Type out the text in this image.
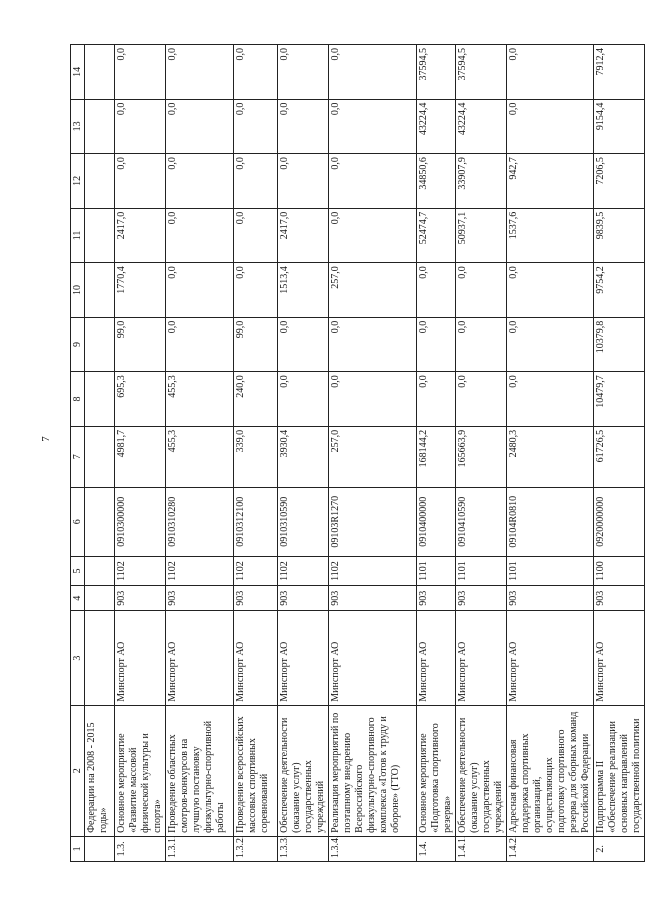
7
1	2	3	4	5	6	7	8	9	10	11	12	13	14
	Федерации на 2008 - 2015 годы»												
1.3.	Основное мероприятие «Развитие массовой физической культуры и спорта»	Минспорт АО	903	1102	0910300000	4981,7	695,3	99,0	1770,4	2417,0	0,0	0,0	0,0
1.3.1.	Проведение областных смотров-конкурсов на лучшую постановку физкультурно-спортивной работы	Минспорт АО	903	1102	0910310280	455,3	455,3	0,0	0,0	0,0	0,0	0,0	0,0
1.3.2.	Проведение всероссийских массовых спортивных соревнований	Минспорт АО	903	1102	0910312100	339,0	240,0	99,0	0,0	0,0	0,0	0,0	0,0
1.3.3.	Обеспечение деятельности (оказание услуг) государственных учреждений	Минспорт АО	903	1102	0910310590	3930,4	0,0	0,0	1513,4	2417,0	0,0	0,0	0,0
1.3.4.	Реализация мероприятий по поэтапному внедрению Всероссийского физкультурно-спортивного комплекса «Готов к труду и обороне» (ГТО)	Минспорт АО	903	1102	09103R1270	257,0	0,0	0,0	257,0	0,0	0,0	0,0	0,0
1.4.	Основное мероприятие «Подготовка спортивного резерва»	Минспорт АО	903	1101	0910400000	168144,2	0,0	0,0	0,0	52474,7	34850,6	43224,4	37594,5
1.4.1.	Обеспечение деятельности (оказание услуг) государственных учреждений	Минспорт АО	903	1101	0910410590	165663,9	0,0	0,0	0,0	50937,1	33907,9	43224,4	37594,5
1.4.2.	Адресная финансовая поддержка спортивных организаций, осуществляющих подготовку спортивного резерва для сборных команд Российской Федерации	Минспорт АО	903	1101	09104R0810	2480,3	0,0	0,0	0,0	1537,6	942,7	0,0	0,0
2.	Подпрограмма II «Обеспечение реализации основных направлений государственной политики	Минспорт АО	903	1100	0920000000	61726,5	10479,7	10379,8	9754,2	9839,5	7206,5	9154,4	7912,4
